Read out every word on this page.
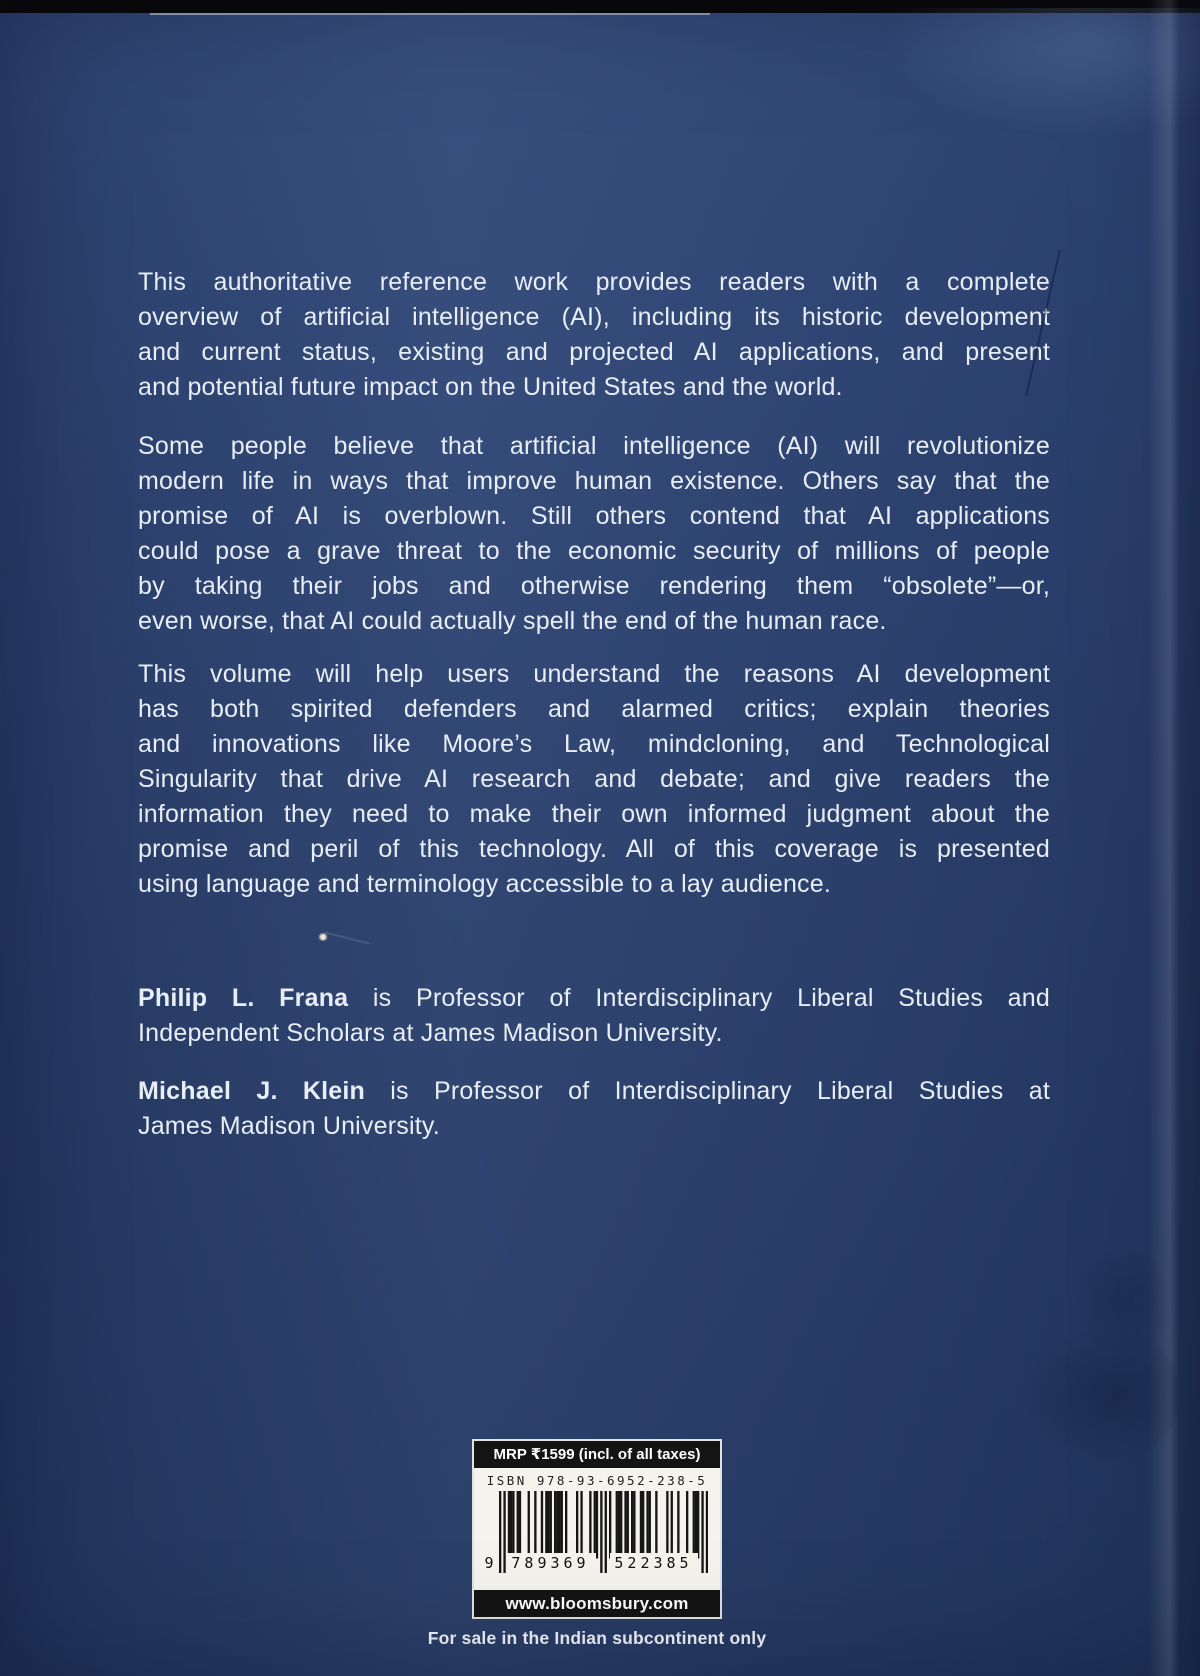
This authoritative reference work provides readers with a complete
overview of artificial intelligence (AI), including its historic development
and current status, existing and projected AI applications, and present
and potential future impact on the United States and the world.
Some people believe that artificial intelligence (AI) will revolutionize
modern life in ways that improve human existence. Others say that the
promise of AI is overblown. Still others contend that AI applications
could pose a grave threat to the economic security of millions of people
by taking their jobs and otherwise rendering them “obsolete”—or,
even worse, that AI could actually spell the end of the human race.
This volume will help users understand the reasons AI development
has both spirited defenders and alarmed critics; explain theories
and innovations like Moore’s Law, mindcloning, and Technological
Singularity that drive AI research and debate; and give readers the
information they need to make their own informed judgment about the
promise and peril of this technology. All of this coverage is presented
using language and terminology accessible to a lay audience.
Philip L. Frana is Professor of Interdisciplinary Liberal Studies and
Independent Scholars at James Madison University.
Michael J. Klein is Professor of Interdisciplinary Liberal Studies at
James Madison University.
MRP ₹1599 (incl. of all taxes)
ISBN 978-93-6952-238-5
9	789369	522385
www.bloomsbury.com
For sale in the Indian subcontinent only
